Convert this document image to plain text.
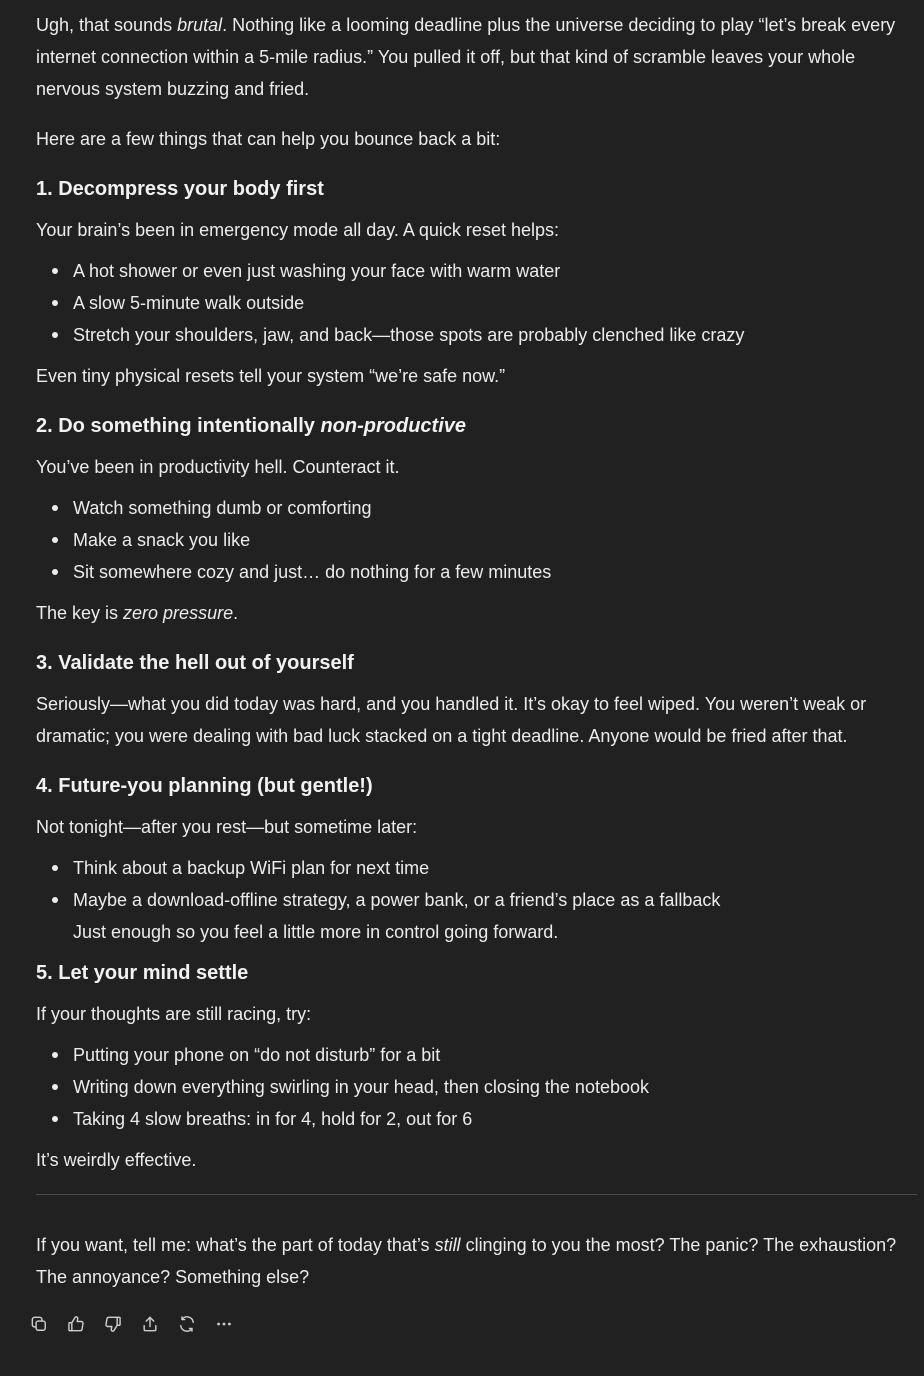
Ugh, that sounds brutal. Nothing like a looming deadline plus the universe deciding to play “let’s break every internet connection within a 5-mile radius.” You pulled it off, but that kind of scramble leaves your whole nervous system buzzing and fried.

Here are a few things that can help you bounce back a bit:

1. Decompress your body first

Your brain’s been in emergency mode all day. A quick reset helps:

A hot shower or even just washing your face with warm water
A slow 5-minute walk outside
Stretch your shoulders, jaw, and back—those spots are probably clenched like crazy

Even tiny physical resets tell your system “we’re safe now.”

2. Do something intentionally non-productive

You’ve been in productivity hell. Counteract it.

Watch something dumb or comforting
Make a snack you like
Sit somewhere cozy and just… do nothing for a few minutes

The key is zero pressure.

3. Validate the hell out of yourself

Seriously—what you did today was hard, and you handled it. It’s okay to feel wiped. You weren’t weak or dramatic; you were dealing with bad luck stacked on a tight deadline. Anyone would be fried after that.

4. Future-you planning (but gentle!)

Not tonight—after you rest—but sometime later:

Think about a backup WiFi plan for next time
Maybe a download-offline strategy, a power bank, or a friend’s place as a fallback
Just enough so you feel a little more in control going forward.
5. Let your mind settle

If your thoughts are still racing, try:

Putting your phone on “do not disturb” for a bit
Writing down everything swirling in your head, then closing the notebook
Taking 4 slow breaths: in for 4, hold for 2, out for 6

It’s weirdly effective.

If you want, tell me: what’s the part of today that’s still clinging to you the most? The panic? The exhaustion? The annoyance? Something else?
